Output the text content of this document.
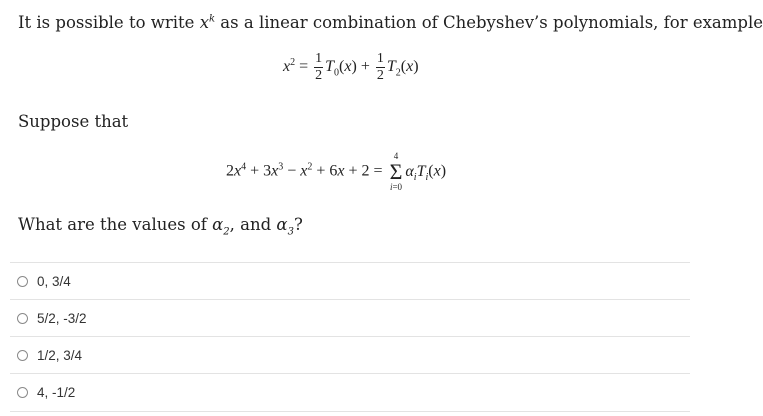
It is possible to write $x^k$ as a linear combination of Chebyshev’s polynomials, for example
$x^2 = \frac{1}{2} T_0(x) + \frac{1}{2} T_2(x)$
Suppose that
$2x^4 + 3x^3 - x^2 + 6x + 2$ =
4
Σ
i=0
$\alpha_iT_i(x)$
What are the values of $\alpha_2$, and $\alpha_3$?
0, 3/4
5/2, -3/2
1/2, 3/4
4, -1/2
